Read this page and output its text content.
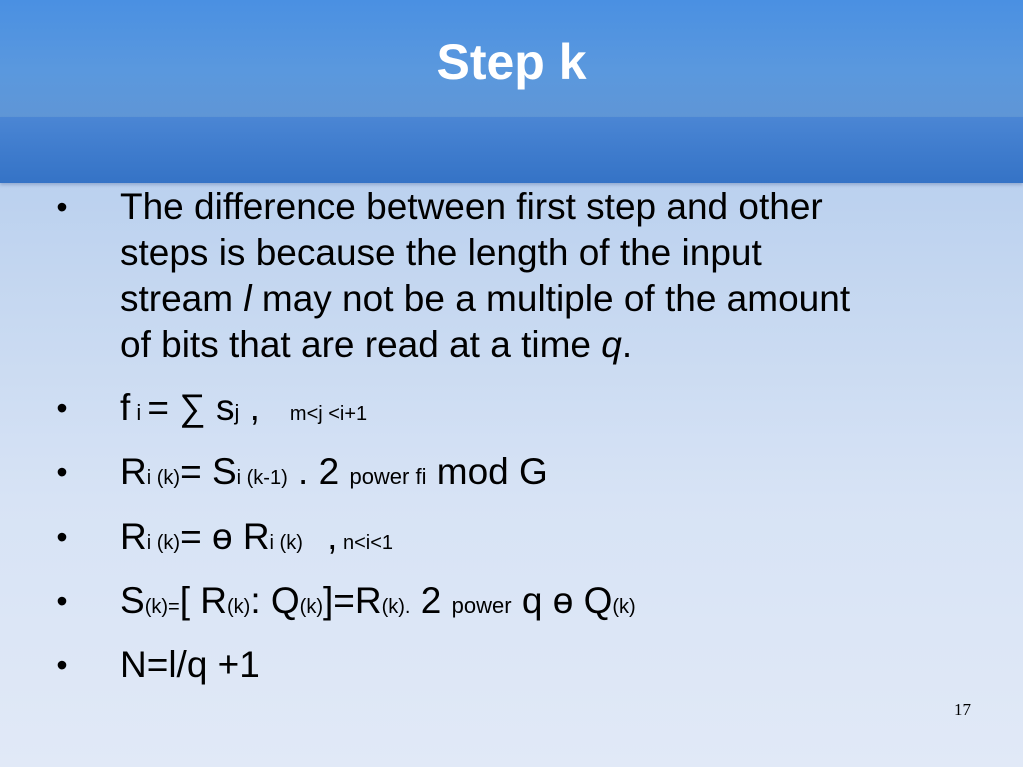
Step k
• The difference between first step and other
steps is because the length of the input
stream l may not be a multiple of the amount
of bits that are read at a time q.
• f i = ∑ sj , m<j <i+1
• Ri (k)= Si (k-1) . 2 power fi mod G
• Ri (k)= ɵ Ri (k) , n<i<1
• S(k)=[ R(k): Q(k)]=R(k). 2 power q ɵ Q(k)
• N=l/q +1
17
